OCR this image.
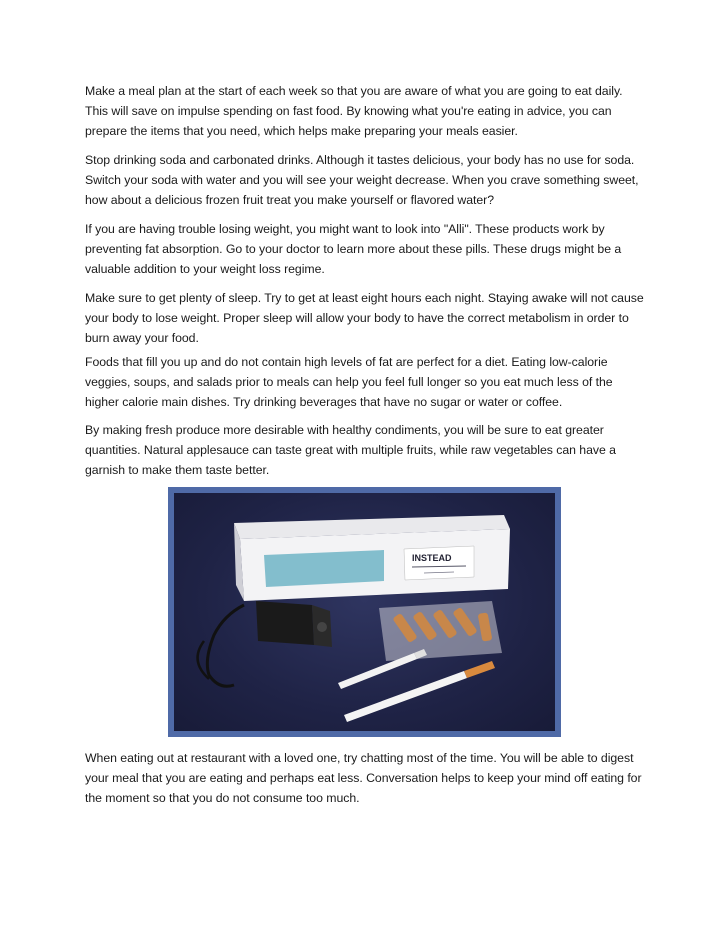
Make a meal plan at the start of each week so that you are aware of what you are going to eat daily. This will save on impulse spending on fast food. By knowing what you're eating in advice, you can prepare the items that you need, which helps make preparing your meals easier.

Stop drinking soda and carbonated drinks. Although it tastes delicious, your body has no use for soda. Switch your soda with water and you will see your weight decrease. When you crave something sweet, how about a delicious frozen fruit treat you make yourself or flavored water?

If you are having trouble losing weight, you might want to look into "Alli". These products work by preventing fat absorption. Go to your doctor to learn more about these pills. These drugs might be a valuable addition to your weight loss regime.

Make sure to get plenty of sleep. Try to get at least eight hours each night. Staying awake will not cause your body to lose weight. Proper sleep will allow your body to have the correct metabolism in order to burn away your food.

Foods that fill you up and do not contain high levels of fat are perfect for a diet. Eating low-calorie veggies, soups, and salads prior to meals can help you feel full longer so you eat much less of the higher calorie main dishes. Try drinking beverages that have no sugar or water or coffee.

By making fresh produce more desirable with healthy condiments, you will be sure to eat greater quantities. Natural applesauce can taste great with multiple fruits, while raw vegetables can have a garnish to make them taste better.

INSTEAD

When eating out at restaurant with a loved one, try chatting most of the time. You will be able to digest your meal that you are eating and perhaps eat less. Conversation helps to keep your mind off eating for the moment so that you do not consume too much.
